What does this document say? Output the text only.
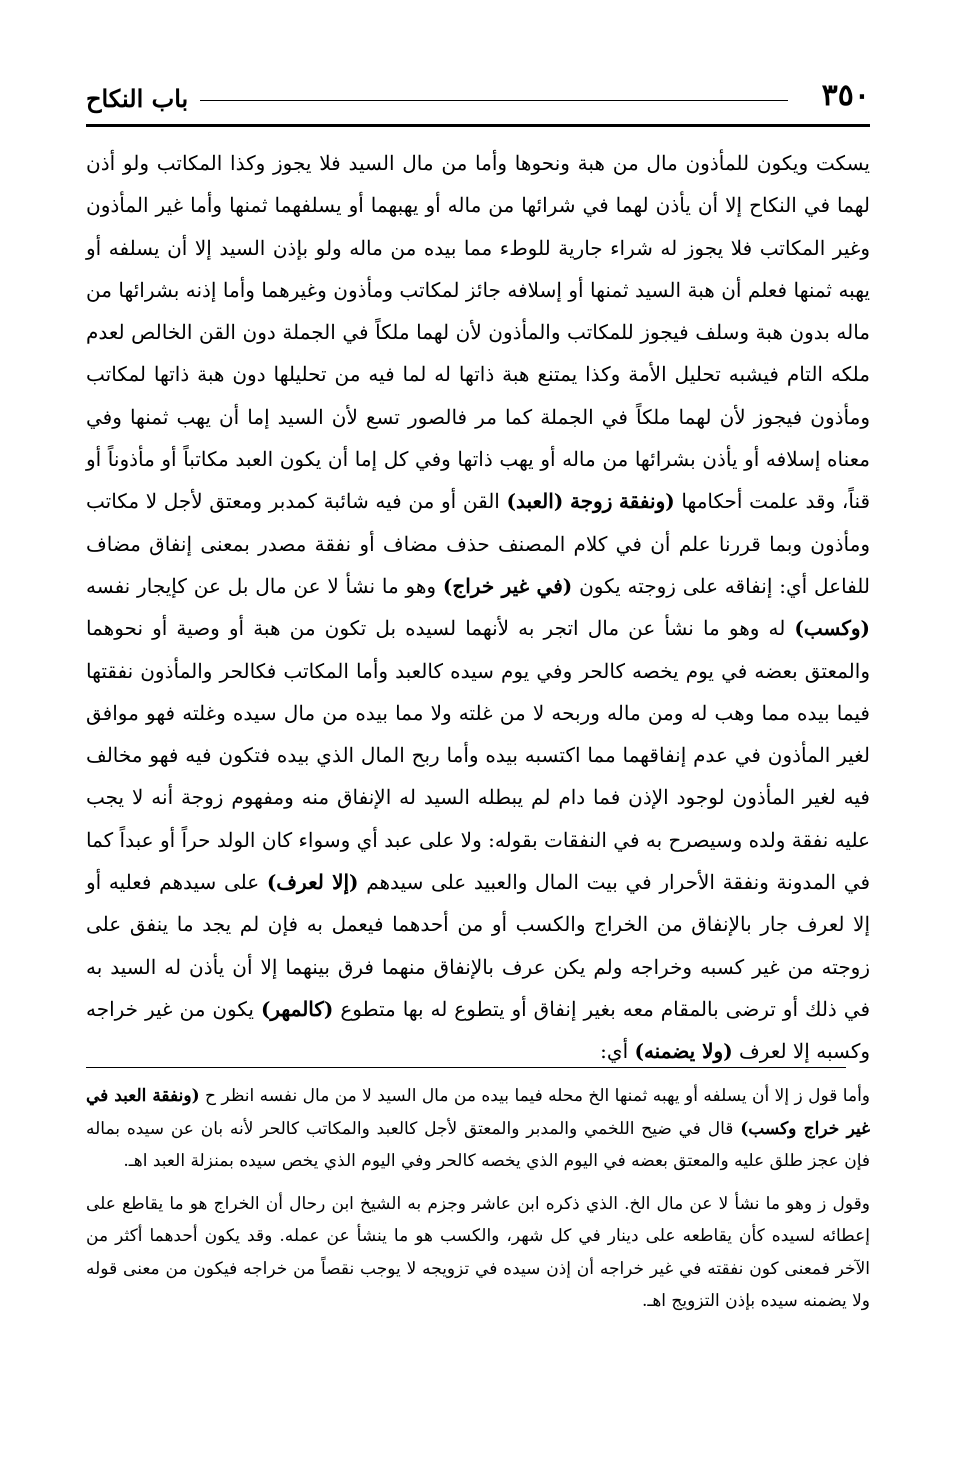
٣٥٠
باب النكاح

يسكت ويكون للمأذون مال من هبة ونحوها وأما من مال السيد فلا يجوز وكذا المكاتب ولو أذن لهما في النكاح إلا أن يأذن لهما في شرائها من ماله أو يهبهما أو يسلفهما ثمنها وأما غير المأذون وغير المكاتب فلا يجوز له شراء جارية للوطء مما بيده من ماله ولو بإذن السيد إلا أن يسلفه أو يهبه ثمنها فعلم أن هبة السيد ثمنها أو إسلافه جائز لمكاتب ومأذون وغيرهما وأما إذنه بشرائها من ماله بدون هبة وسلف فيجوز للمكاتب والمأذون لأن لهما ملكاً في الجملة دون القن الخالص لعدم ملكه التام فيشبه تحليل الأمة وكذا يمتنع هبة ذاتها له لما فيه من تحليلها دون هبة ذاتها لمكاتب ومأذون فيجوز لأن لهما ملكاً في الجملة كما مر فالصور تسع لأن السيد إما أن يهب ثمنها وفي معناه إسلافه أو يأذن بشرائها من ماله أو يهب ذاتها وفي كل إما أن يكون العبد مكاتباً أو مأذوناً أو قناً، وقد علمت أحكامها (ونفقة زوجة (العبد) القن أو من فيه شائبة كمدبر ومعتق لأجل لا مكاتب ومأذون وبما قررنا علم أن في كلام المصنف حذف مضاف أو نفقة مصدر بمعنى إنفاق مضاف للفاعل أي: إنفاقه على زوجته يكون (في غير خراج) وهو ما نشأ لا عن مال بل عن كإيجار نفسه (وكسب) له وهو ما نشأ عن مال اتجر به لأنهما لسيده بل تكون من هبة أو وصية أو نحوهما والمعتق بعضه في يوم يخصه كالحر وفي يوم سيده كالعبد وأما المكاتب فكالحر والمأذون نفقتها فيما بيده مما وهب له ومن ماله وربحه لا من غلته ولا مما بيده من مال سيده وغلته فهو موافق لغير المأذون في عدم إنفاقهما مما اكتسبه بيده وأما ربح المال الذي بيده فتكون فيه فهو مخالف فيه لغير المأذون لوجود الإذن فما دام لم يبطله السيد له الإنفاق منه ومفهوم زوجة أنه لا يجب عليه نفقة ولده وسيصرح به في النفقات بقوله: ولا على عبد أي وسواء كان الولد حراً أو عبداً كما في المدونة ونفقة الأحرار في بيت المال والعبيد على سيدهم (إلا لعرف) على سيدهم فعليه أو إلا لعرف جار بالإنفاق من الخراج والكسب أو من أحدهما فيعمل به فإن لم يجد ما ينفق على زوجته من غير كسبه وخراجه ولم يكن عرف بالإنفاق منهما فرق بينهما إلا أن يأذن له السيد به في ذلك أو ترضى بالمقام معه بغير إنفاق أو يتطوع له بها متطوع (كالمهر) يكون من غير خراجه وكسبه إلا لعرف (ولا يضمنه) أي:

وأما قول ز إلا أن يسلفه أو يهبه ثمنها الخ محله فيما بيده من مال السيد لا من مال نفسه انظر ح (ونفقة العبد في غير خراج وكسب) قال في ضيح اللخمي والمدبر والمعتق لأجل كالعبد والمكاتب كالحر لأنه بان عن سيده بماله فإن عجز طلق عليه والمعتق بعضه في اليوم الذي يخصه كالحر وفي اليوم الذي يخص سيده بمنزلة العبد اهـ.

وقول ز وهو ما نشأ لا عن مال الخ. الذي ذكره ابن عاشر وجزم به الشيخ ابن رحال أن الخراج هو ما يقاطع على إعطائه لسيده كأن يقاطعه على دينار في كل شهر، والكسب هو ما ينشأ عن عمله. وقد يكون أحدهما أكثر من الآخر فمعنى كون نفقته في غير خراجه أن إذن سيده في تزويجه لا يوجب نقصاً من خراجه فيكون من معنى قوله ولا يضمنه سيده بإذن التزويج اهـ.
